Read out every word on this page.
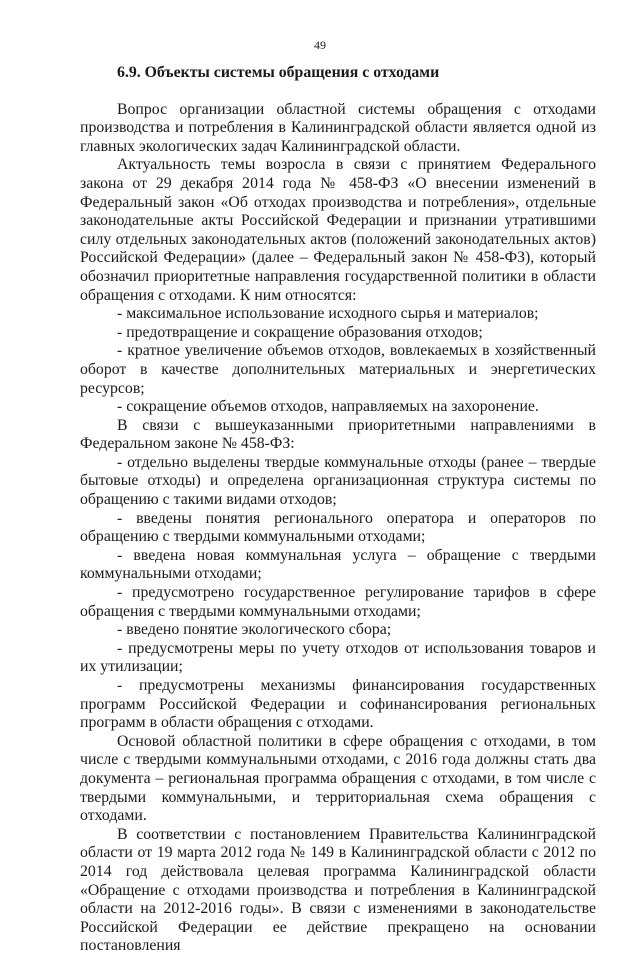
49
6.9. Объекты системы обращения с отходами

Вопрос организации областной системы обращения с отходами производства и потребления в Калининградской области является одной из главных экологических задач Калининградской области.

Актуальность темы возросла в связи с принятием Федерального закона от 29 декабря 2014 года № 458-ФЗ «О внесении изменений в Федеральный закон «Об отходах производства и потребления», отдельные законодательные акты Российской Федерации и признании утратившими силу отдельных законодательных актов (положений законодательных актов) Российской Федерации» (далее – Федеральный закон № 458-ФЗ), который обозначил приоритетные направления государственной политики в области обращения с отходами. К ним относятся:

- максимальное использование исходного сырья и материалов;

- предотвращение и сокращение образования отходов;

- кратное увеличение объемов отходов, вовлекаемых в хозяйственный оборот в качестве дополнительных материальных и энергетических ресурсов;

- сокращение объемов отходов, направляемых на захоронение.

В связи с вышеуказанными приоритетными направлениями в Федеральном законе № 458-ФЗ:

- отдельно выделены твердые коммунальные отходы (ранее – твердые бытовые отходы) и определена организационная структура системы по обращению с такими видами отходов;

- введены понятия регионального оператора и операторов по обращению с твердыми коммунальными отходами;

- введена новая коммунальная услуга – обращение с твердыми коммунальными отходами;

- предусмотрено государственное регулирование тарифов в сфере обращения с твердыми коммунальными отходами;

- введено понятие экологического сбора;

- предусмотрены меры по учету отходов от использования товаров и их утилизации;

- предусмотрены механизмы финансирования государственных программ Российской Федерации и софинансирования региональных программ в области обращения с отходами.

Основой областной политики в сфере обращения с отходами, в том числе с твердыми коммунальными отходами, с 2016 года должны стать два документа – региональная программа обращения с отходами, в том числе с твердыми коммунальными, и территориальная схема обращения с отходами.

В соответствии с постановлением Правительства Калининградской области от 19 марта 2012 года № 149 в Калининградской области с 2012 по 2014 год действовала целевая программа Калининградской области «Обращение с отходами производства и потребления в Калининградской области на 2012-2016 годы». В связи с изменениями в законодательстве Российской Федерации ее действие прекращено на основании постановления
